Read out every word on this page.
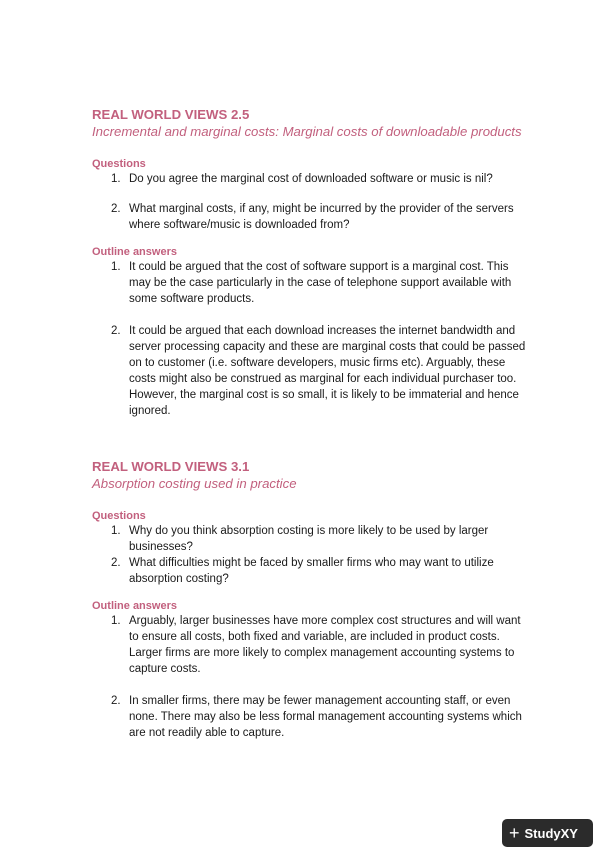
REAL WORLD VIEWS 2.5

Incremental and marginal costs: Marginal costs of downloadable products

Questions

1. Do you agree the marginal cost of downloaded software or music is nil?
2. What marginal costs, if any, might be incurred by the provider of the servers where software/music is downloaded from?

Outline answers

1. It could be argued that the cost of software support is a marginal cost. This may be the case particularly in the case of telephone support available with some software products.
2. It could be argued that each download increases the internet bandwidth and server processing capacity and these are marginal costs that could be passed on to customer (i.e. software developers, music firms etc). Arguably, these costs might also be construed as marginal for each individual purchaser too. However, the marginal cost is so small, it is likely to be immaterial and hence ignored.

REAL WORLD VIEWS 3.1

Absorption costing used in practice

Questions

1. Why do you think absorption costing is more likely to be used by larger businesses?
2. What difficulties might be faced by smaller firms who may want to utilize absorption costing?

Outline answers

1. Arguably, larger businesses have more complex cost structures and will want to ensure all costs, both fixed and variable, are included in product costs. Larger firms are more likely to complex management accounting systems to capture costs.
2. In smaller firms, there may be fewer management accounting staff, or even none. There may also be less formal management accounting systems which are not readily able to capture.
+ StudyXY
